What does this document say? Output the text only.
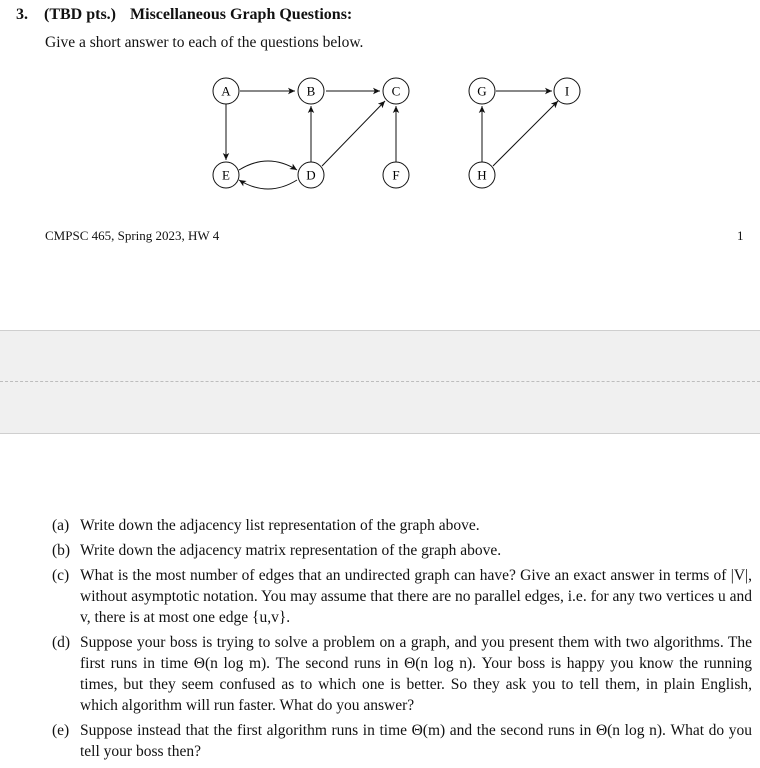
3. (TBD pts.) Miscellaneous Graph Questions:
Give a short answer to each of the questions below.
A	B	C
E	D	F
G	I
H
CMPSC 465, Spring 2023, HW 4	1
(a) Write down the adjacency list representation of the graph above.
(b) Write down the adjacency matrix representation of the graph above.
(c) What is the most number of edges that an undirected graph can have? Give an exact answer in terms of |V|, without asymptotic notation. You may assume that there are no parallel edges, i.e. for any two vertices u and v, there is at most one edge {u,v}.
(d) Suppose your boss is trying to solve a problem on a graph, and you present them with two algorithms. The first runs in time Θ(n log m). The second runs in Θ(n log n). Your boss is happy you know the running times, but they seem confused as to which one is better. So they ask you to tell them, in plain English, which algorithm will run faster. What do you answer?
(e) Suppose instead that the first algorithm runs in time Θ(m) and the second runs in Θ(n log n). What do you tell your boss then?
